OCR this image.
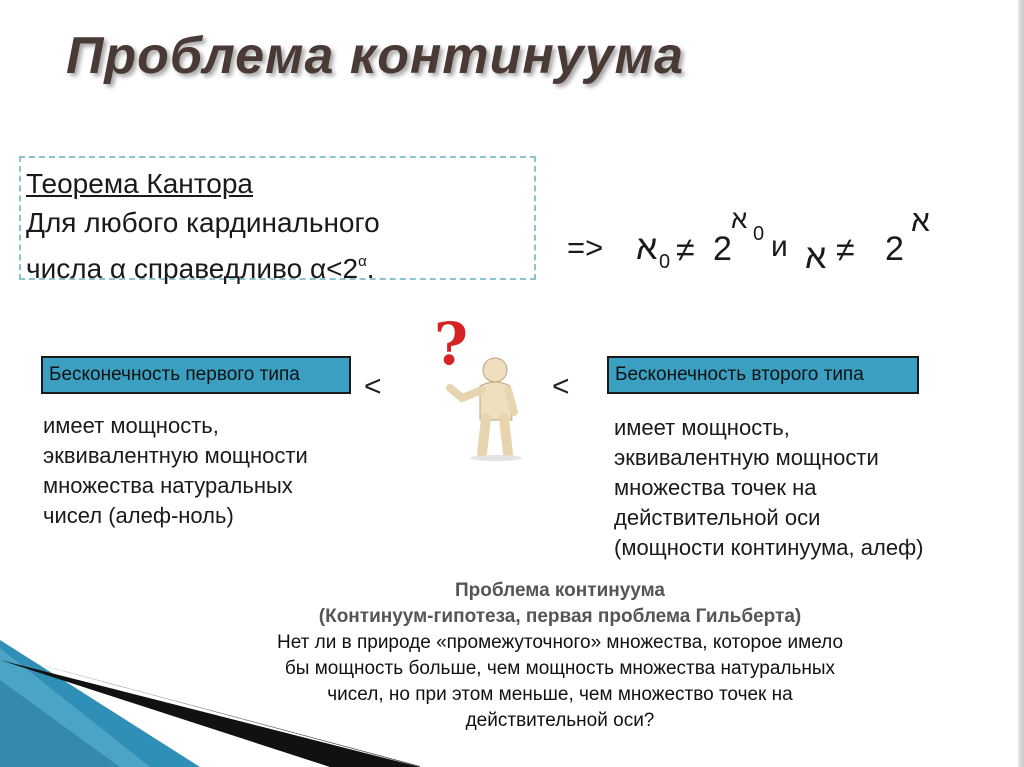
Проблема континуума
Теорема Кантора
Для любого кардинального
числа α справедливо $\alpha<2^\alpha$.
=> א 0 ≠ 2
א 0 и א ≠ 2
א
Бесконечность первого типа	Бесконечность второго типа
<	<
?

имеет мощность,
эквивалентную мощности
множества натуральных
чисел (алеф-ноль)

имеет мощность,
эквивалентную мощности
множества точек на
действительной оси
(мощности континуума, алеф)

Проблема континуума
(Континуум-гипотеза, первая проблема Гильберта)
Нет ли в природе «промежуточного» множества, которое имело
бы мощность больше, чем мощность множества натуральных
чисел, но при этом меньше, чем множество точек на
действительной оси?
